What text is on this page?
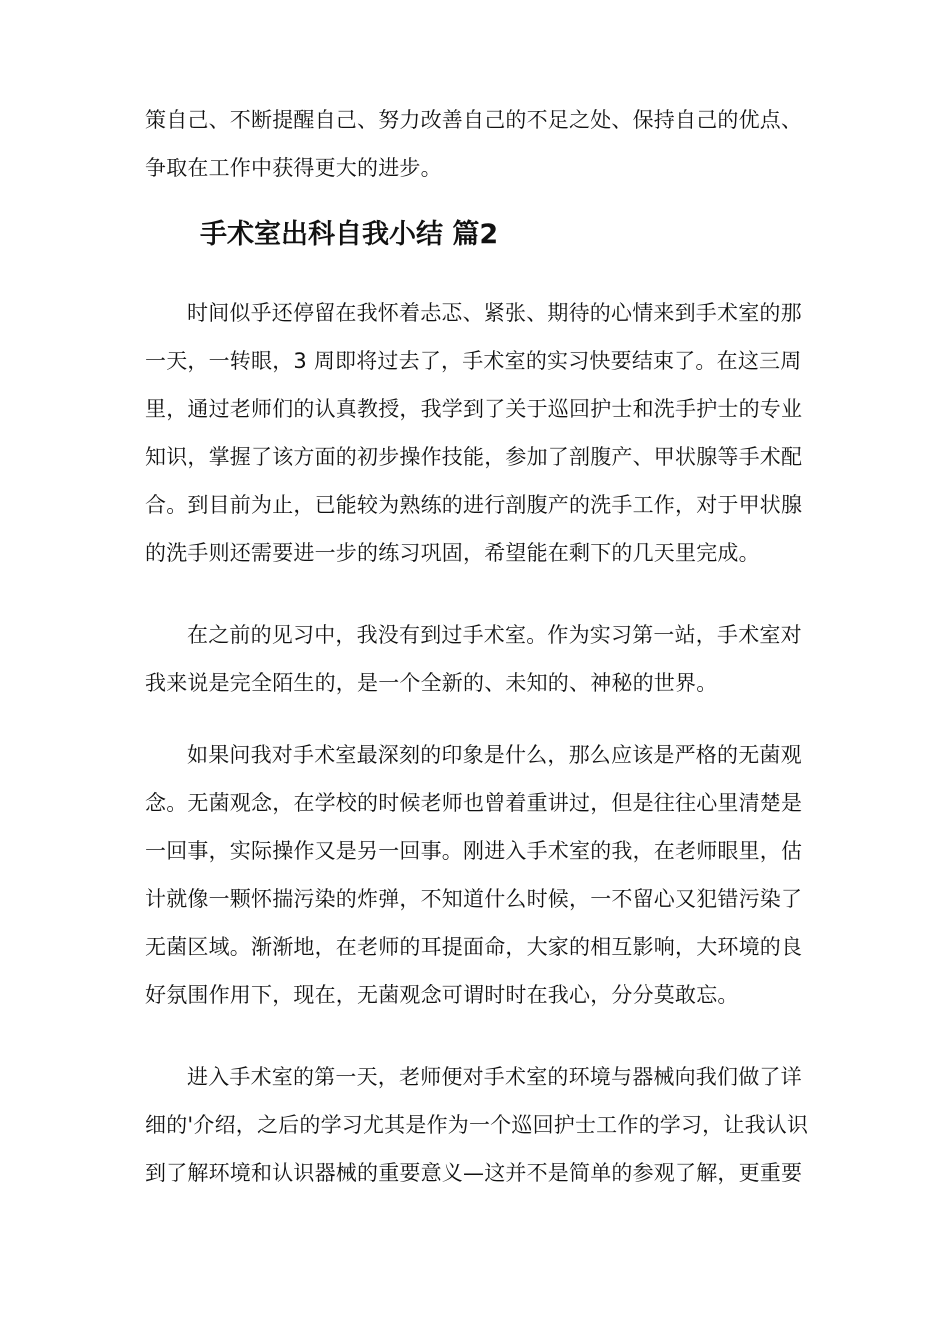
策自己、不断提醒自己、努力改善自己的不足之处、保持自己的优点、
争取在工作中获得更大的进步。

手术室出科自我小结 篇2

时间似乎还停留在我怀着忐忑、紧张、期待的心情来到手术室的那
一天，一转眼，3 周即将过去了，手术室的实习快要结束了。在这三周
里，通过老师们的认真教授，我学到了关于巡回护士和洗手护士的专业
知识，掌握了该方面的初步操作技能，参加了剖腹产、甲状腺等手术配
合。到目前为止，已能较为熟练的进行剖腹产的洗手工作，对于甲状腺
的洗手则还需要进一步的练习巩固，希望能在剩下的几天里完成。

在之前的见习中，我没有到过手术室。作为实习第一站，手术室对
我来说是完全陌生的，是一个全新的、未知的、神秘的世界。

如果问我对手术室最深刻的印象是什么，那么应该是严格的无菌观
念。无菌观念，在学校的时候老师也曾着重讲过，但是往往心里清楚是
一回事，实际操作又是另一回事。刚进入手术室的我，在老师眼里，估
计就像一颗怀揣污染的炸弹，不知道什么时候，一不留心又犯错污染了
无菌区域。渐渐地，在老师的耳提面命，大家的相互影响，大环境的良
好氛围作用下，现在，无菌观念可谓时时在我心，分分莫敢忘。

进入手术室的第一天，老师便对手术室的环境与器械向我们做了详
细的'介绍，之后的学习尤其是作为一个巡回护士工作的学习，让我认识
到了解环境和认识器械的重要意义—这并不是简单的参观了解，更重要
